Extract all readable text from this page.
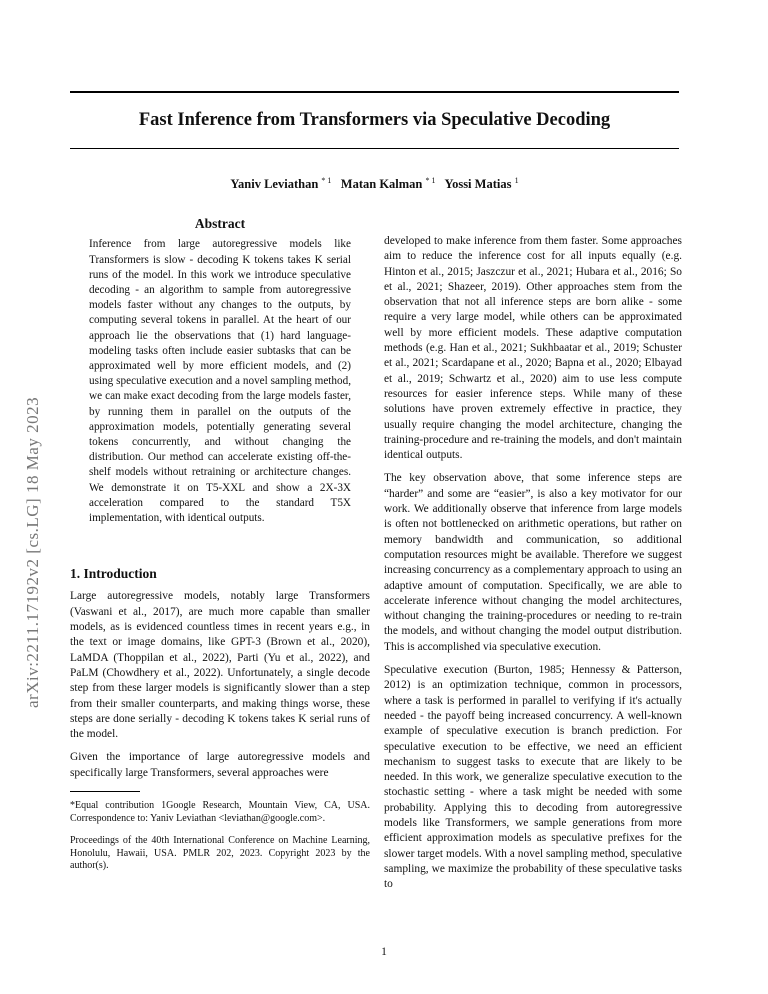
Fast Inference from Transformers via Speculative Decoding
Yaniv Leviathan $^{* 1}$ Matan Kalman $^{* 1}$ Yossi Matias $^1$
arXiv:2211.17192v2 [cs.LG] 18 May 2023
Abstract
Inference from large autoregressive models like Transformers is slow - decoding K tokens takes K serial runs of the model. In this work we introduce speculative decoding - an algorithm to sample from autoregressive models faster without any changes to the outputs, by computing several tokens in parallel. At the heart of our approach lie the observations that (1) hard language-modeling tasks often include easier subtasks that can be approximated well by more efficient models, and (2) using speculative execution and a novel sampling method, we can make exact decoding from the large models faster, by running them in parallel on the outputs of the approximation models, potentially generating several tokens concurrently, and without changing the distribution. Our method can accelerate existing off-the-shelf models without retraining or architecture changes. We demonstrate it on T5-XXL and show a 2X-3X acceleration compared to the standard T5X implementation, with identical outputs.
1. Introduction

Large autoregressive models, notably large Transformers (Vaswani et al., 2017), are much more capable than smaller models, as is evidenced countless times in recent years e.g., in the text or image domains, like GPT-3 (Brown et al., 2020), LaMDA (Thoppilan et al., 2022), Parti (Yu et al., 2022), and PaLM (Chowdhery et al., 2022). Unfortunately, a single decode step from these larger models is significantly slower than a step from their smaller counterparts, and making things worse, these steps are done serially - decoding K tokens takes K serial runs of the model.

Given the importance of large autoregressive models and specifically large Transformers, several approaches were

*Equal contribution 1Google Research, Mountain View, CA, USA. Correspondence to: Yaniv Leviathan <leviathan@google.com>.
Proceedings of the 40th International Conference on Machine Learning, Honolulu, Hawaii, USA. PMLR 202, 2023. Copyright 2023 by the author(s).

developed to make inference from them faster. Some approaches aim to reduce the inference cost for all inputs equally (e.g. Hinton et al., 2015; Jaszczur et al., 2021; Hubara et al., 2016; So et al., 2021; Shazeer, 2019). Other approaches stem from the observation that not all inference steps are born alike - some require a very large model, while others can be approximated well by more efficient models. These adaptive computation methods (e.g. Han et al., 2021; Sukhbaatar et al., 2019; Schuster et al., 2021; Scardapane et al., 2020; Bapna et al., 2020; Elbayad et al., 2019; Schwartz et al., 2020) aim to use less compute resources for easier inference steps. While many of these solutions have proven extremely effective in practice, they usually require changing the model architecture, changing the training-procedure and re-training the models, and don't maintain identical outputs.

The key observation above, that some inference steps are “harder” and some are “easier”, is also a key motivator for our work. We additionally observe that inference from large models is often not bottlenecked on arithmetic operations, but rather on memory bandwidth and communication, so additional computation resources might be available. Therefore we suggest increasing concurrency as a complementary approach to using an adaptive amount of computation. Specifically, we are able to accelerate inference without changing the model architectures, without changing the training-procedures or needing to re-train the models, and without changing the model output distribution. This is accomplished via speculative execution.

Speculative execution (Burton, 1985; Hennessy & Patterson, 2012) is an optimization technique, common in processors, where a task is performed in parallel to verifying if it's actually needed - the payoff being increased concurrency. A well-known example of speculative execution is branch prediction. For speculative execution to be effective, we need an efficient mechanism to suggest tasks to execute that are likely to be needed. In this work, we generalize speculative execution to the stochastic setting - where a task might be needed with some probability. Applying this to decoding from autoregressive models like Transformers, we sample generations from more efficient approximation models as speculative prefixes for the slower target models. With a novel sampling method, speculative sampling, we maximize the probability of these speculative tasks to

1
